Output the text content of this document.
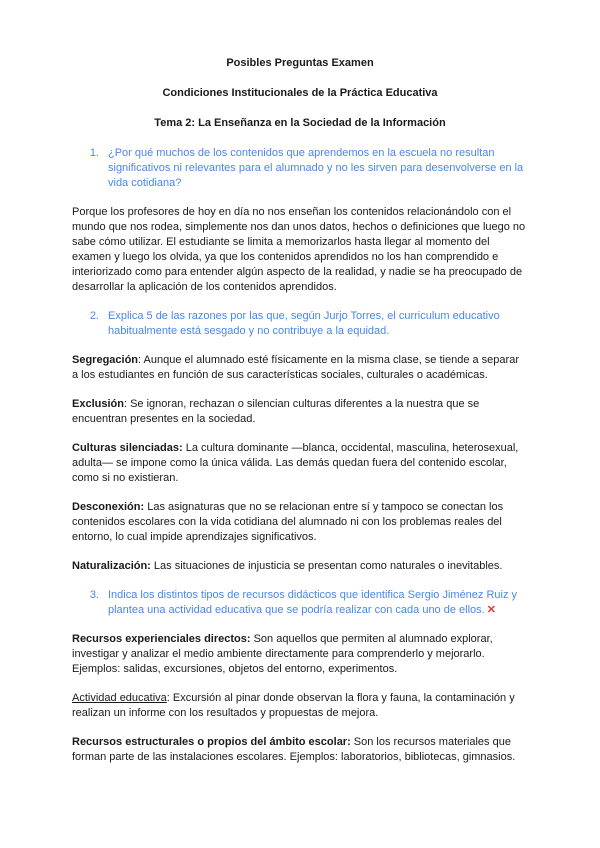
Posibles Preguntas Examen
Condiciones Institucionales de la Práctica Educativa
Tema 2: La Enseñanza en la Sociedad de la Información
1. ¿Por qué muchos de los contenidos que aprendemos en la escuela no resultan significativos ni relevantes para el alumnado y no les sirven para desenvolverse en la vida cotidiana?

Porque los profesores de hoy en día no nos enseñan los contenidos relacionándolo con el mundo que nos rodea, simplemente nos dan unos datos, hechos o definiciones que luego no sabe cómo utilizar. El estudiante se limita a memorizarlos hasta llegar al momento del examen y luego los olvida, ya que los contenidos aprendidos no los han comprendido e interiorizado como para entender algún aspecto de la realidad, y nadie se ha preocupado de desarrollar la aplicación de los contenidos aprendidos.

2. Explica 5 de las razones por las que, según Jurjo Torres, el curriculum educativo habitualmente está sesgado y no contribuye a la equidad.

Segregación: Aunque el alumnado esté físicamente en la misma clase, se tiende a separar a los estudiantes en función de sus características sociales, culturales o académicas.

Exclusión: Se ignoran, rechazan o silencian culturas diferentes a la nuestra que se encuentran presentes en la sociedad.

Culturas silenciadas: La cultura dominante —blanca, occidental, masculina, heterosexual, adulta— se impone como la única válida. Las demás quedan fuera del contenido escolar, como si no existieran.

Desconexión: Las asignaturas que no se relacionan entre sí y tampoco se conectan los contenidos escolares con la vida cotidiana del alumnado ni con los problemas reales del entorno, lo cual impide aprendizajes significativos.

Naturalización: Las situaciones de injusticia se presentan como naturales o inevitables.

3. Indica los distintos tipos de recursos didácticos que identifica Sergio Jiménez Ruiz y plantea una actividad educativa que se podría realizar con cada uno de ellos. ✕

Recursos experienciales directos: Son aquellos que permiten al alumnado explorar, investigar y analizar el medio ambiente directamente para comprenderlo y mejorarlo. Ejemplos: salidas, excursiones, objetos del entorno, experimentos.

Actividad educativa: Excursión al pinar donde observan la flora y fauna, la contaminación y realizan un informe con los resultados y propuestas de mejora.

Recursos estructurales o propios del ámbito escolar: Son los recursos materiales que forman parte de las instalaciones escolares. Ejemplos: laboratorios, bibliotecas, gimnasios.
